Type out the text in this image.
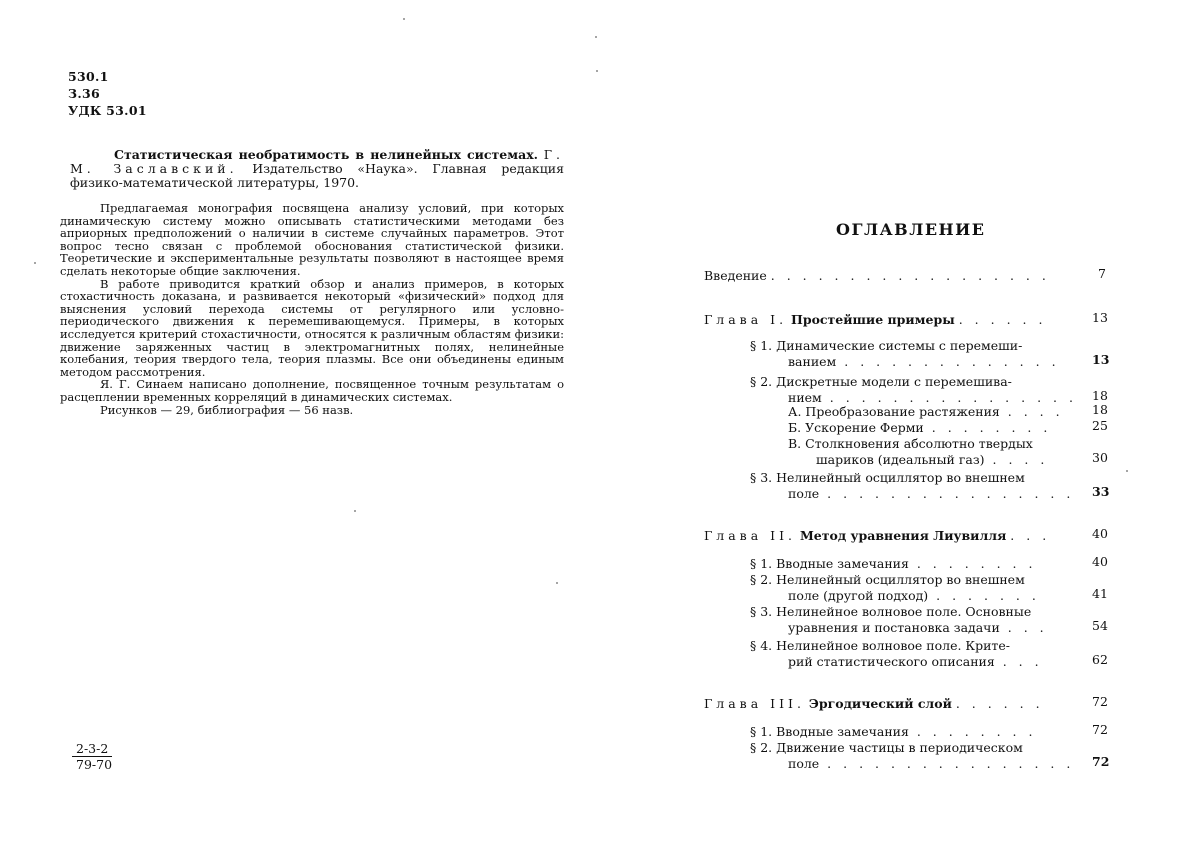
530.1
З.36
УДК 53.01

Статистическая необратимость в нелинейных системах. Г. М. Заславский. Издательство «Наука». Главная редакция физико-математической литературы, 1970.

Предлагаемая монография посвящена анализу условий, при которых динамическую систему можно описывать статистическими методами без априорных предположений о наличии в системе случайных параметров. Этот вопрос тесно связан с проблемой обоснования статистической физики. Теоретические и экспериментальные результаты позволяют в настоящее время сделать некоторые общие заключения.

В работе приводится краткий обзор и анализ примеров, в которых стохастичность доказана, и развивается некоторый «физический» подход для выяснения условий перехода системы от регулярного или условно-периодического движения к перемешивающемуся. Примеры, в которых исследуется критерий стохастичности, относятся к различным областям физики: движение заряженных частиц в электромагнитных полях, нелинейные колебания, теория твердого тела, теория плазмы. Все они объединены единым методом рассмотрения.

Я. Г. Синаем написано дополнение, посвященное точным результатам о расцеплении временных корреляций в динамических системах.

Рисунков — 29, библиография — 56 назв.

$\frac{2-3-2}{79-70}$
ОГЛАВЛЕНИЕ
Введение . . . . . . . . . . . . . . . . . .	7
Глава I. Простейшие примеры . . . . . .	13
§ 1. Динамические системы с перемеши-
ванием . . . . . . . . . . . . . .	13
§ 2. Дискретные модели с перемешива-
нием . . . . . . . . . . . . . . . . 18
А. Преобразование растяжения . . . . 18
Б. Ускорение Ферми . . . . . . . .	25
В. Столкновения абсолютно твердых
шариков (идеальный газ) . . . .	30
§ 3. Нелинейный осциллятор во внешнем
поле . . . . . . . . . . . . . . . . 33
Глава II. Метод уравнения Лиувилля . . .	40
§ 1. Вводные замечания . . . . . . . .	40
§ 2. Нелинейный осциллятор во внешнем
поле (другой подход) . . . . . . .	41
§ 3. Нелинейное волновое поле. Основные
уравнения и постановка задачи . . .	54
§ 4. Нелинейное волновое поле. Крите-
рий статистического описания . . .	62
Глава III. Эргодический слой . . . . . .	72
§ 1. Вводные замечания . . . . . . . .	72
§ 2. Движение частицы в периодическом
поле . . . . . . . . . . . . . . . . 72
